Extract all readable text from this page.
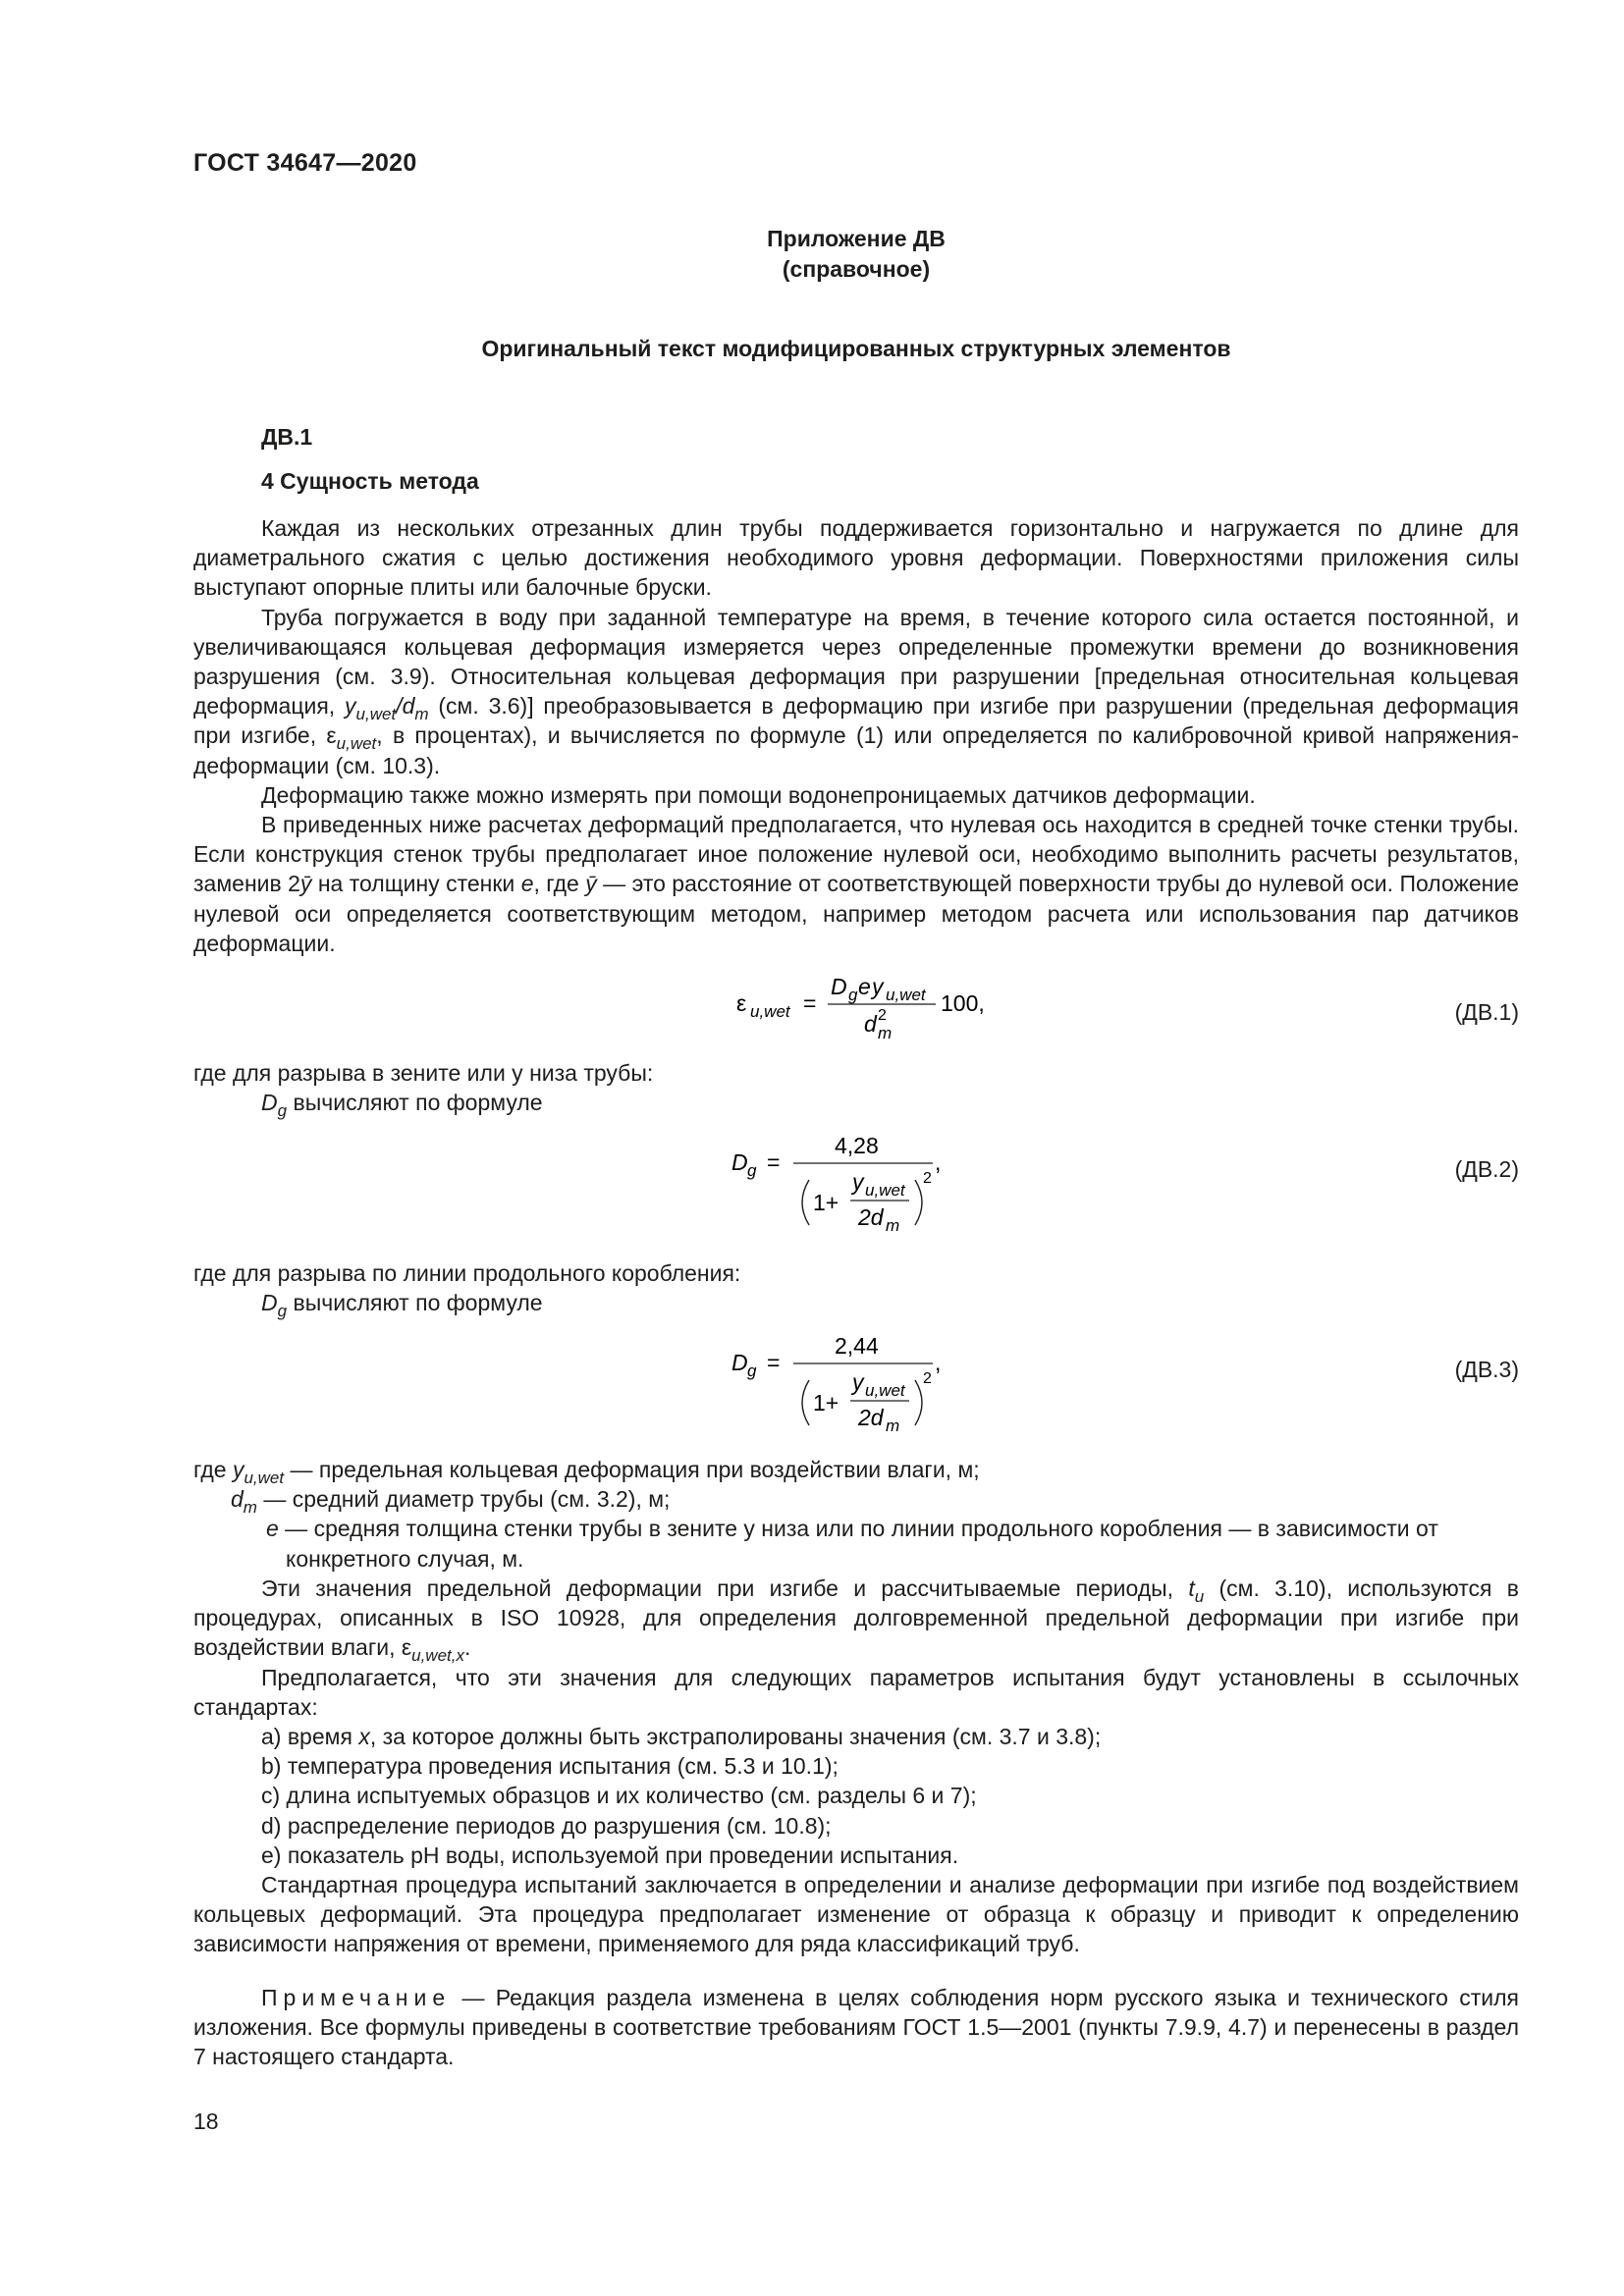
ГОСТ 34647—2020
Приложение ДВ
(справочное)
Оригинальный текст модифицированных структурных элементов
ДВ.1
4 Сущность метода

Каждая из нескольких отрезанных длин трубы поддерживается горизонтально и нагружается по длине для диаметрального сжатия с целью достижения необходимого уровня деформации. Поверхностями приложения силы выступают опорные плиты или балочные бруски.

Труба погружается в воду при заданной температуре на время, в течение которого сила остается постоянной, и увеличивающаяся кольцевая деформация измеряется через определенные промежутки времени до возникновения разрушения (см. 3.9). Относительная кольцевая деформация при разрушении [предельная относительная кольцевая деформация, $y_{u,wet}/d_m$ (см. 3.6)] преобразовывается в деформацию при изгибе при разрушении (предельная деформация при изгибе, $\varepsilon_{u,wet}$, в процентах), и вычисляется по формуле (1) или определяется по калибровочной кривой напряжения-деформации (см. 10.3).

Деформацию также можно измерять при помощи водонепроницаемых датчиков деформации.

В приведенных ниже расчетах деформаций предполагается, что нулевая ось находится в средней точке стенки трубы. Если конструкция стенок трубы предполагает иное положение нулевой оси, необходимо выполнить расчеты результатов, заменив 2ȳ на толщину стенки e, где ȳ — это расстояние от соответствующей поверхности трубы до нулевой оси. Положение нулевой оси определяется соответствующим методом, например методом расчета или использования пар датчиков деформации.

ε u,wet =
D g e y u,wet
d 2
m
100,	(ДВ.1)

где для разрыва в зените или у низа трубы:

$D_g$ вычисляют по формуле

D g =
4,28
1+
y u,wet
2d m
2
,	(ДВ.2)

где для разрыва по линии продольного коробления:

$D_g$ вычисляют по формуле

D g =
2,44
1+
y u,wet
2d m
2
,	(ДВ.3)
где $y_{u,wet}$ — предельная кольцевая деформация при воздействии влаги, м;
$d_m$ — средний диаметр трубы (см. 3.2), м;
e — средняя толщина стенки трубы в зените у низа или по линии продольного коробления — в зависимости от конкретного случая, м.

Эти значения предельной деформации при изгибе и рассчитываемые периоды, $t_u$ (см. 3.10), используются в процедурах, описанных в ISO 10928, для определения долговременной предельной деформации при изгибе при воздействии влаги, $\varepsilon_{u,wet,x}$.

Предполагается, что эти значения для следующих параметров испытания будут установлены в ссылочных стандартах:

a) время x, за которое должны быть экстраполированы значения (см. 3.7 и 3.8);

b) температура проведения испытания (см. 5.3 и 10.1);

c) длина испытуемых образцов и их количество (см. разделы 6 и 7);

d) распределение периодов до разрушения (см. 10.8);

e) показатель pH воды, используемой при проведении испытания.

Стандартная процедура испытаний заключается в определении и анализе деформации при изгибе под воздействием кольцевых деформаций. Эта процедура предполагает изменение от образца к образцу и приводит к определению зависимости напряжения от времени, применяемого для ряда классификаций труб.

Примечание — Редакция раздела изменена в целях соблюдения норм русского языка и технического стиля изложения. Все формулы приведены в соответствие требованиям ГОСТ 1.5—2001 (пункты 7.9.9, 4.7) и перенесены в раздел 7 настоящего стандарта.

18
